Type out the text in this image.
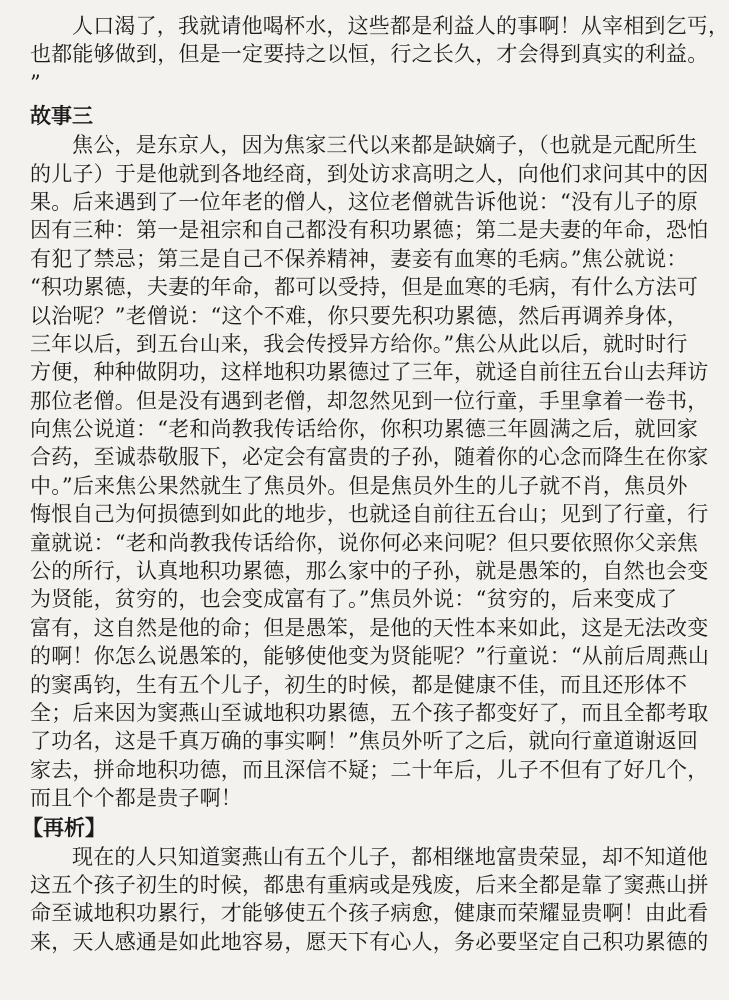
人口渴了，我就请他喝杯水，这些都是利益人的事啊！从宰相到乞丐，
也都能够做到，但是一定要持之以恒，行之长久，才会得到真实的利益。
”
故事三
焦公，是东京人，因为焦家三代以来都是缺嫡子，（也就是元配所生
的儿子）于是他就到各地经商，到处访求高明之人，向他们求问其中的因
果。后来遇到了一位年老的僧人，这位老僧就告诉他说：“没有儿子的原
因有三种：第一是祖宗和自己都没有积功累德；第二是夫妻的年命，恐怕
有犯了禁忌；第三是自己不保养精神，妻妾有血寒的毛病。”焦公就说：
“积功累德，夫妻的年命，都可以受持，但是血寒的毛病，有什么方法可
以治呢？”老僧说：“这个不难，你只要先积功累德，然后再调养身体，
三年以后，到五台山来，我会传授异方给你。”焦公从此以后，就时时行
方便，种种做阴功，这样地积功累德过了三年，就迳自前往五台山去拜访
那位老僧。但是没有遇到老僧，却忽然见到一位行童，手里拿着一卷书，
向焦公说道：“老和尚教我传话给你，你积功累德三年圆满之后，就回家
合药，至诚恭敬服下，必定会有富贵的子孙，随着你的心念而降生在你家
中。”后来焦公果然就生了焦员外。但是焦员外生的儿子就不肖，焦员外
悔恨自己为何损德到如此的地步，也就迳自前往五台山；见到了行童，行
童就说：“老和尚教我传话给你，说你何必来问呢？但只要依照你父亲焦
公的所行，认真地积功累德，那么家中的子孙，就是愚笨的，自然也会变
为贤能，贫穷的，也会变成富有了。”焦员外说：“贫穷的，后来变成了
富有，这自然是他的命；但是愚笨，是他的天性本来如此，这是无法改变
的啊！你怎么说愚笨的，能够使他变为贤能呢？”行童说：“从前后周燕山
的窦禹钧，生有五个儿子，初生的时候，都是健康不佳，而且还形体不
全；后来因为窦燕山至诚地积功累德，五个孩子都变好了，而且全都考取
了功名，这是千真万确的事实啊！”焦员外听了之后，就向行童道谢返回
家去，拼命地积功德，而且深信不疑；二十年后，儿子不但有了好几个，
而且个个都是贵子啊！
【再析】
现在的人只知道窦燕山有五个儿子，都相继地富贵荣显，却不知道他
这五个孩子初生的时候，都患有重病或是残废，后来全都是靠了窦燕山拼
命至诚地积功累行，才能够使五个孩子病愈，健康而荣耀显贵啊！由此看
来，天人感通是如此地容易，愿天下有心人，务必要坚定自己积功累德的
